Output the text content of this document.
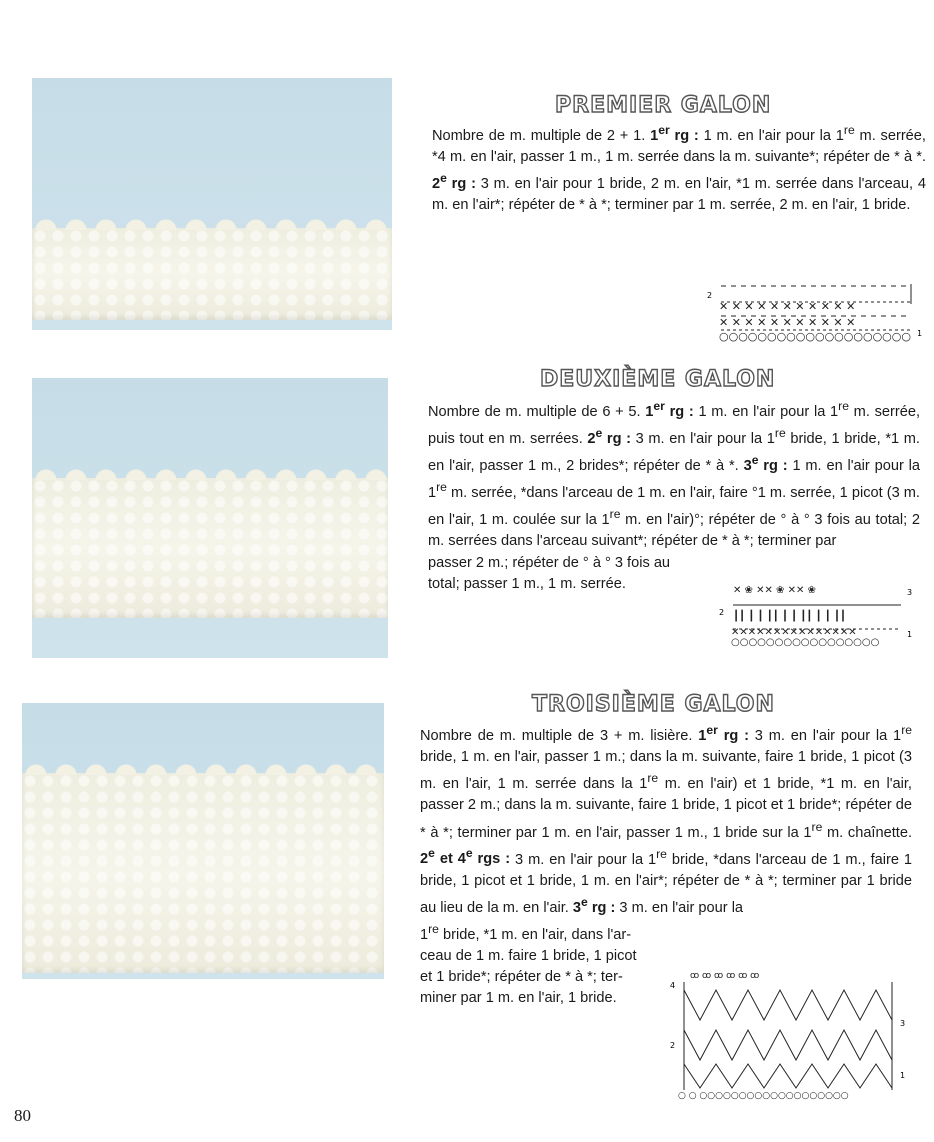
PREMIER GALON

Nombre de m. multiple de 2 + 1. 1er rg : 1 m. en l'air pour la 1re m. serrée, *4 m. en l'air, passer 1 m., 1 m. serrée dans la m. suivante*; répéter de * à *. 2e rg : 3 m. en l'air pour 1 bride, 2 m. en l'air, *1 m. serrée dans l'arceau, 4 m. en l'air*; répéter de * à *; terminer par 1 m. serrée, 2 m. en l'air, 1 bride.

2
1
✕ ✕ ✕ ✕ ✕ ✕ ✕ ✕ ✕ ✕ ✕
✕ ✕ ✕ ✕ ✕ ✕ ✕ ✕ ✕ ✕ ✕
○○○○○○○○○○○○○○○○○○○○
DEUXIÈME GALON

Nombre de m. multiple de 6 + 5. 1er rg : 1 m. en l'air pour la 1re m. serrée, puis tout en m. serrées. 2e rg : 3 m. en l'air pour la 1re bride, 1 bride, *1 m. en l'air, passer 1 m., 2 brides*; répéter de * à *. 3e rg : 1 m. en l'air pour la 1re m. serrée, *dans l'arceau de 1 m. en l'air, faire °1 m. serrée, 1 picot (3 m. en l'air, 1 m. coulée sur la 1re m. en l'air)°; répéter de ° à ° 3 fois au total; 2 m. serrées dans l'arceau suivant*; répéter de * à *; terminer par
passer 2 m.; répéter de ° à ° 3 fois au
total; passer 1 m., 1 m. serrée.	✕ ❀ ✕✕ ❀ ✕✕ ❀
┃┃ ┃ ┃ ┃┃ ┃ ┃ ┃┃ ┃ ┃ ┃┃
✕✕✕✕✕✕✕✕✕✕✕✕✕✕✕
○○○○○○○○○○○○○○○○○
3
2
1
TROISIÈME GALON

Nombre de m. multiple de 3 + m. lisière. 1er rg : 3 m. en l'air pour la 1re bride, 1 m. en l'air, passer 1 m.; dans la m. suivante, faire 1 bride, 1 picot (3 m. en l'air, 1 m. serrée dans la 1re m. en l'air) et 1 bride, *1 m. en l'air, passer 2 m.; dans la m. suivante, faire 1 bride, 1 picot et 1 bride*; répéter de * à *; terminer par 1 m. en l'air, passer 1 m., 1 bride sur la 1re m. chaînette. 2e et 4e rgs : 3 m. en l'air pour la 1re bride, *dans l'arceau de 1 m., faire 1 bride, 1 picot et 1 bride, 1 m. en l'air*; répéter de * à *; terminer par 1 bride au lieu de la m. en l'air. 3e rg : 3 m. en l'air pour la
1re bride, *1 m. en l'air, dans l'ar-
ceau de 1 m. faire 1 bride, 1 picot
et 1 bride*; répéter de * à *; ter-
miner par 1 m. en l'air, 1 bride.

ꝏ ꝏ ꝏ ꝏ ꝏ ꝏ
○ ○ ○○○○○○○○○○○○○○○○○○○
4
3
2
1
80
